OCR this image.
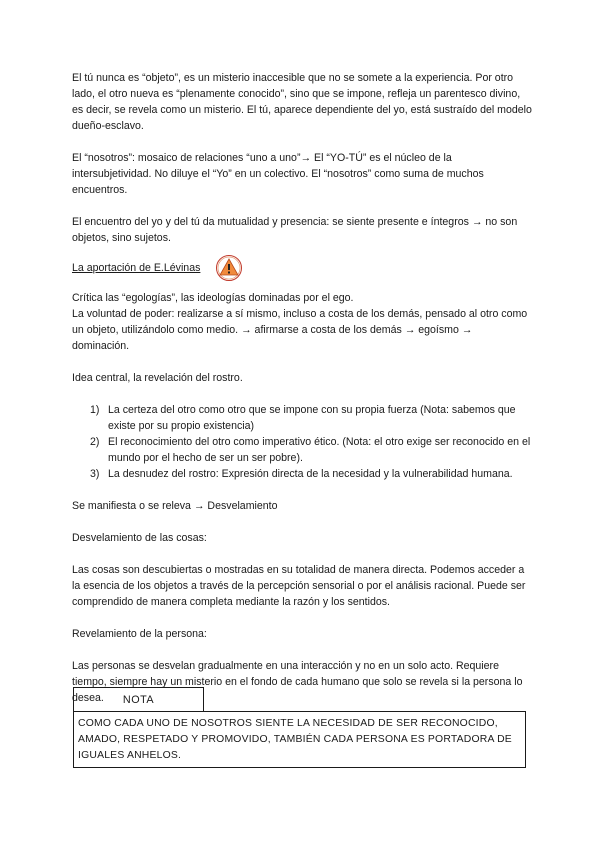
El tú nunca es “objeto”, es un misterio inaccesible que no se somete a la experiencia. Por otro lado, el otro nueva es “plenamente conocido”, sino que se impone, refleja un parentesco divino, es decir, se revela como un misterio. El tú, aparece dependiente del yo, está sustraído del modelo dueño-esclavo.

El “nosotros”: mosaico de relaciones “uno a uno”→ El “YO-TÚ” es el núcleo de la intersubjetividad. No diluye el “Yo” en un colectivo. El “nosotros” como suma de muchos encuentros.

El encuentro del yo y del tú da mutualidad y presencia: se siente presente e íntegros → no son objetos, sino sujetos.

La aportación de E.Lévinas

Crítica las “egologías”, las ideologías dominadas por el ego.

La voluntad de poder: realizarse a sí mismo, incluso a costa de los demás, pensado al otro como un objeto, utilizándolo como medio. → afirmarse a costa de los demás → egoísmo → dominación.

Idea central, la revelación del rostro.

1) La certeza del otro como otro que se impone con su propia fuerza (Nota: sabemos que existe por su propio existencia)
2) El reconocimiento del otro como imperativo ético. (Nota: el otro exige ser reconocido en el mundo por el hecho de ser un ser pobre).
3) La desnudez del rostro: Expresión directa de la necesidad y la vulnerabilidad humana.

Se manifiesta o se releva → Desvelamiento

Desvelamiento de las cosas:

Las cosas son descubiertas o mostradas en su totalidad de manera directa. Podemos acceder a la esencia de los objetos a través de la percepción sensorial o por el análisis racional. Puede ser comprendido de manera completa mediante la razón y los sentidos.

Revelamiento de la persona:

Las personas se desvelan gradualmente en una interacción y no en un solo acto. Requiere tiempo, siempre hay un misterio en el fondo de cada humano que solo se revela si la persona lo desea.	NOTA
COMO CADA UNO DE NOSOTROS SIENTE LA NECESIDAD DE SER RECONOCIDO, AMADO, RESPETADO Y PROMOVIDO, TAMBIÉN CADA PERSONA ES PORTADORA DE IGUALES ANHELOS.
